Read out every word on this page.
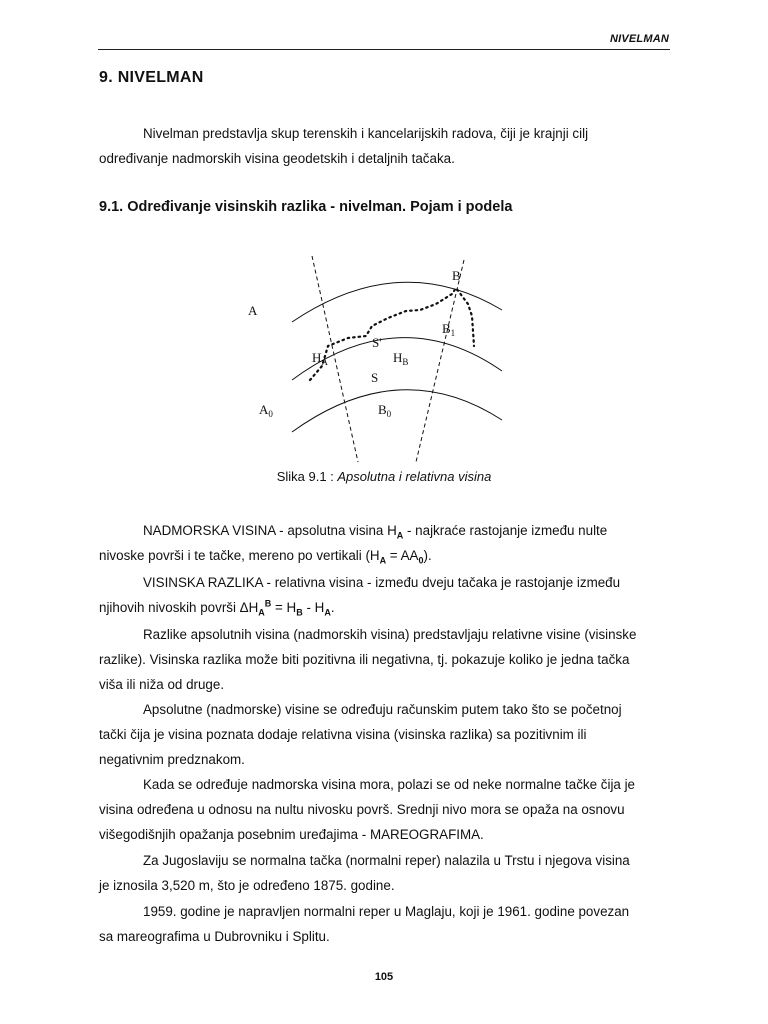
NIVELMAN
9. NIVELMAN

Nivelman predstavlja skup terenskih i kancelarijskih radova, čiji je krajnji cilj
određivanje nadmorskih visina geodetskih i detaljnih tačaka.

9.1. Određivanje visinskih razlika - nivelman. Pojam i podela
A
B
$B_1$
S'
$H_A$	$H_B$
S
$A_0$	$B_0$
Slika 9.1 : Apsolutna i relativna visina

NADMORSKA VISINA - apsolutna visina $H_A$ - najkraće rastojanje između nulte
nivoske površi i te tačke, mereno po vertikali $(H_A = AA_0)$.

VISINSKA RAZLIKA - relativna visina - između dveju tačaka je rastojanje između
njihovih nivoskih površi $\Delta H_A^B = H_B - H_A$.

Razlike apsolutnih visina (nadmorskih visina) predstavljaju relativne visine (visinske
razlike). Visinska razlika može biti pozitivna ili negativna, tj. pokazuje koliko je jedna tačka
viša ili niža od druge.

Apsolutne (nadmorske) visine se određuju računskim putem tako što se početnoj
tački čija je visina poznata dodaje relativna visina (visinska razlika) sa pozitivnim ili
negativnim predznakom.

Kada se određuje nadmorska visina mora, polazi se od neke normalne tačke čija je
visina određena u odnosu na nultu nivosku površ. Srednji nivo mora se opaža na osnovu
višegodišnjih opažanja posebnim uređajima - MAREOGRAFIMA.

Za Jugoslaviju se normalna tačka (normalni reper) nalazila u Trstu i njegova visina
je iznosila 3,520 m, što je određeno 1875. godine.

1959. godine je napravljen normalni reper u Maglaju, koji je 1961. godine povezan
sa mareografima u Dubrovniku i Splitu.

105
